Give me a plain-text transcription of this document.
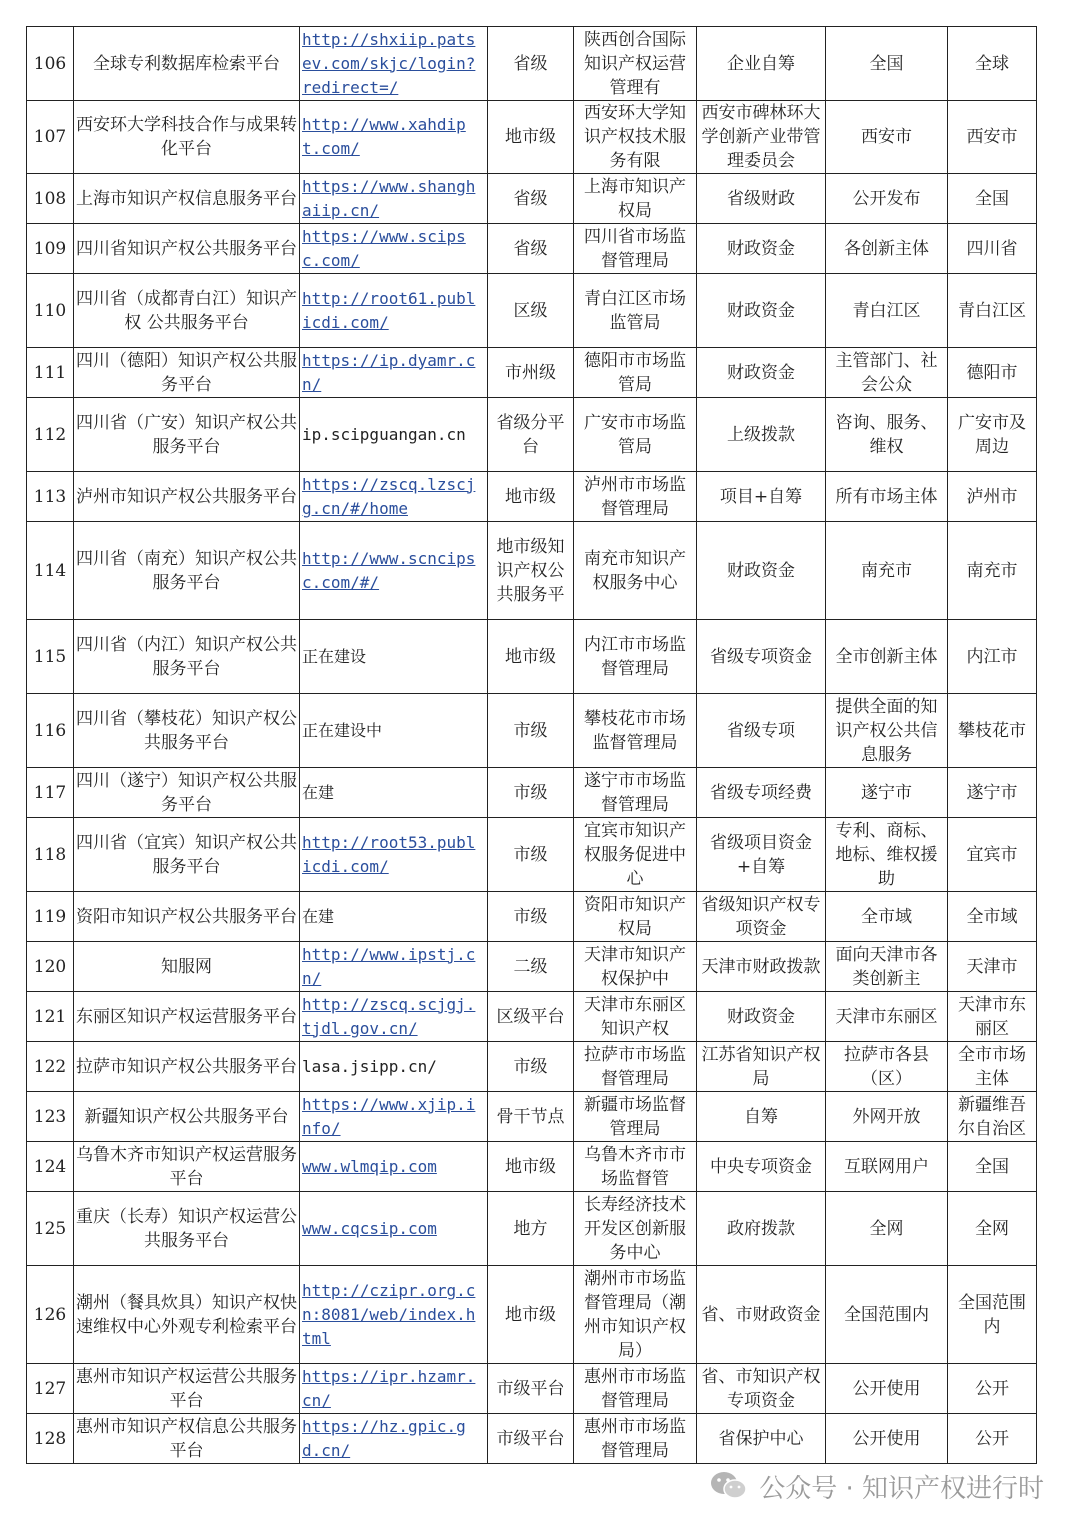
106	全球专利数据库检索平台	http://shxiip.patsev.com/skjc/login?redirect=/	省级	陕西创合国际知识产权运营管理有	企业自筹	全国	全球
107	西安环大学科技合作与成果转化平台	http://www.xahdipt.com/	地市级	西安环大学知识产权技术服务有限	西安市碑林环大学创新产业带管理委员会	西安市	西安市
108	上海市知识产权信息服务平台	https://www.shanghaiip.cn/	省级	上海市知识产权局	省级财政	公开发布	全国
109	四川省知识产权公共服务平台	https://www.scipsc.com/	省级	四川省市场监督管理局	财政资金	各创新主体	四川省
110	四川省（成都青白江）知识产权 公共服务平台	http://root61.publicdi.com/	区级	青白江区市场监管局	财政资金	青白江区	青白江区
111	四川（德阳）知识产权公共服务平台	https://ip.dyamr.cn/	市州级	德阳市市场监管局	财政资金	主管部门、社会公众	德阳市
112	四川省（广安）知识产权公共服务平台	ip.scipguangan.cn	省级分平台	广安市市场监管局	上级拨款	咨询、服务、维权	广安市及周边
113	泸州市知识产权公共服务平台	https://zscq.lzscjg.cn/#/home	地市级	泸州市市场监督管理局	项目+自筹	所有市场主体	泸州市
114	四川省（南充）知识产权公共服务平台	http://www.scncipsc.com/#/	地市级知识产权公共服务平	南充市知识产权服务中心	财政资金	南充市	南充市
115	四川省（内江）知识产权公共服务平台	正在建设	地市级	内江市市场监督管理局	省级专项资金	全市创新主体	内江市
116	四川省（攀枝花）知识产权公共服务平台	正在建设中	市级	攀枝花市市场监督管理局	省级专项	提供全面的知识产权公共信息服务	攀枝花市
117	四川（遂宁）知识产权公共服务平台	在建	市级	遂宁市市场监督管理局	省级专项经费	遂宁市	遂宁市
118	四川省（宜宾）知识产权公共服务平台	http://root53.publicdi.com/	市级	宜宾市知识产权服务促进中心	省级项目资金+自筹	专利、商标、地标、维权援助	宜宾市
119	资阳市知识产权公共服务平台	在建	市级	资阳市知识产权局	省级知识产权专项资金	全市域	全市域
120	知服网	http://www.ipstj.cn/	二级	天津市知识产权保护中	天津市财政拨款	面向天津市各类创新主	天津市
121	东丽区知识产权运营服务平台	http://zscq.scjgj.tjdl.gov.cn/	区级平台	天津市东丽区知识产权	财政资金	天津市东丽区	天津市东丽区
122	拉萨市知识产权公共服务平台	lasa.jsipp.cn/	市级	拉萨市市场监督管理局	江苏省知识产权局	拉萨市各县（区）	全市市场主体
123	新疆知识产权公共服务平台	https://www.xjip.info/	骨干节点	新疆市场监督管理局	自筹	外网开放	新疆维吾尔自治区
124	乌鲁木齐市知识产权运营服务平台	www.wlmqip.com	地市级	乌鲁木齐市市场监督管	中央专项资金	互联网用户	全国
125	重庆（长寿）知识产权运营公共服务平台	www.cqcsip.com	地方	长寿经济技术开发区创新服务中心	政府拨款	全网	全网
126	潮州（餐具炊具）知识产权快速维权中心外观专利检索平台	http://czipr.org.cn:8081/web/index.html	地市级	潮州市市场监督管理局（潮州市知识产权局）	省、市财政资金	全国范围内	全国范围内
127	惠州市知识产权运营公共服务平台	https://ipr.hzamr.cn/	市级平台	惠州市市场监督管理局	省、市知识产权专项资金	公开使用	公开
128	惠州市知识产权信息公共服务平台	https://hz.gpic.gd.cn/	市级平台	惠州市市场监督管理局	省保护中心	公开使用	公开
公众号 · 知识产权进行时
